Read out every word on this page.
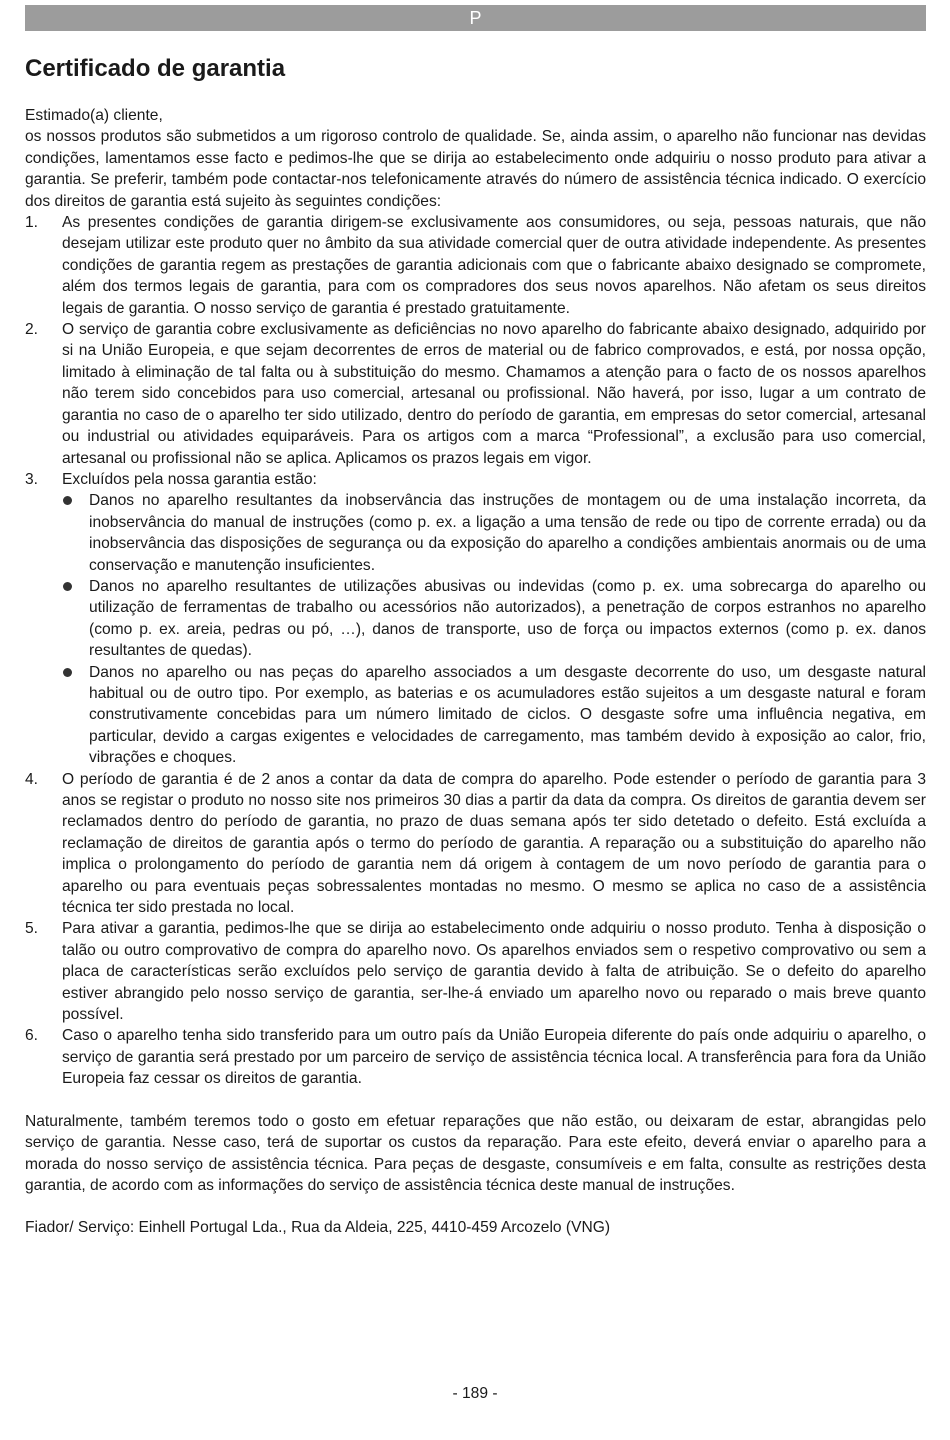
P
Certificado de garantia

Estimado(a) cliente,

os nossos produtos são submetidos a um rigoroso controlo de qualidade. Se, ainda assim, o aparelho não funcionar nas devidas condições, lamentamos esse facto e pedimos-lhe que se dirija ao estabelecimento onde adquiriu o nosso produto para ativar a garantia. Se preferir, também pode contactar-nos telefonicamente através do número de assistência técnica indicado. O exercício dos direitos de garantia está sujeito às seguintes condições:

1. As presentes condições de garantia dirigem-se exclusivamente aos consumidores, ou seja, pessoas naturais, que não desejam utilizar este produto quer no âmbito da sua atividade comercial quer de outra atividade independente. As presentes condições de garantia regem as prestações de garantia adicionais com que o fabricante abaixo designado se compromete, além dos termos legais de garantia, para com os compradores dos seus novos aparelhos. Não afetam os seus direitos legais de garantia. O nosso serviço de garantia é prestado gratuitamente.
2. O serviço de garantia cobre exclusivamente as deficiências no novo aparelho do fabricante abaixo designado, adquirido por si na União Europeia, e que sejam decorrentes de erros de material ou de fabrico comprovados, e está, por nossa opção, limitado à eliminação de tal falta ou à substituição do mesmo. Chamamos a atenção para o facto de os nossos aparelhos não terem sido concebidos para uso comercial, artesanal ou profissional. Não haverá, por isso, lugar a um contrato de garantia no caso de o aparelho ter sido utilizado, dentro do período de garantia, em empresas do setor comercial, artesanal ou industrial ou atividades equiparáveis. Para os artigos com a marca “Professional”, a exclusão para uso comercial, artesanal ou profissional não se aplica. Aplicamos os prazos legais em vigor.
3. Excluídos pela nossa garantia estão:
Danos no aparelho resultantes da inobservância das instruções de montagem ou de uma instalação incorreta, da inobservância do manual de instruções (como p. ex. a ligação a uma tensão de rede ou tipo de corrente errada) ou da inobservância das disposições de segurança ou da exposição do aparelho a condições ambientais anormais ou de uma conservação e manutenção insuficientes.
Danos no aparelho resultantes de utilizações abusivas ou indevidas (como p. ex. uma sobrecarga do aparelho ou utilização de ferramentas de trabalho ou acessórios não autorizados), a penetração de corpos estranhos no aparelho (como p. ex. areia, pedras ou pó, …), danos de transporte, uso de força ou impactos externos (como p. ex. danos resultantes de quedas).
Danos no aparelho ou nas peças do aparelho associados a um desgaste decorrente do uso, um desgaste natural habitual ou de outro tipo. Por exemplo, as baterias e os acumuladores estão sujeitos a um desgaste natural e foram construtivamente concebidas para um número limitado de ciclos. O desgaste sofre uma influência negativa, em particular, devido a cargas exigentes e velocidades de carregamento, mas também devido à exposição ao calor, frio, vibrações e choques.
4. O período de garantia é de 2 anos a contar da data de compra do aparelho. Pode estender o período de garantia para 3 anos se registar o produto no nosso site nos primeiros 30 dias a partir da data da compra. Os direitos de garantia devem ser reclamados dentro do período de garantia, no prazo de duas semana após ter sido detetado o defeito. Está excluída a reclamação de direitos de garantia após o termo do período de garantia. A reparação ou a substituição do aparelho não implica o prolongamento do período de garantia nem dá origem à contagem de um novo período de garantia para o aparelho ou para eventuais peças sobressalentes montadas no mesmo. O mesmo se aplica no caso de a assistência técnica ter sido prestada no local.
5. Para ativar a garantia, pedimos-lhe que se dirija ao estabelecimento onde adquiriu o nosso produto. Tenha à disposição o talão ou outro comprovativo de compra do aparelho novo. Os aparelhos enviados sem o respetivo comprovativo ou sem a placa de características serão excluídos pelo serviço de garantia devido à falta de atribuição. Se o defeito do aparelho estiver abrangido pelo nosso serviço de garantia, ser-lhe-á enviado um aparelho novo ou reparado o mais breve quanto possível.
6. Caso o aparelho tenha sido transferido para um outro país da União Europeia diferente do país onde adquiriu o aparelho, o serviço de garantia será prestado por um parceiro de serviço de assistência técnica local. A transferência para fora da União Europeia faz cessar os direitos de garantia.

Naturalmente, também teremos todo o gosto em efetuar reparações que não estão, ou deixaram de estar, abrangidas pelo serviço de garantia. Nesse caso, terá de suportar os custos da reparação. Para este efeito, deverá enviar o aparelho para a morada do nosso serviço de assistência técnica. Para peças de desgaste, consumíveis e em falta, consulte as restrições desta garantia, de acordo com as informações do serviço de assistência técnica deste manual de instruções.

Fiador/ Serviço: Einhell Portugal Lda., Rua da Aldeia, 225, 4410-459 Arcozelo (VNG)

- 189 -
